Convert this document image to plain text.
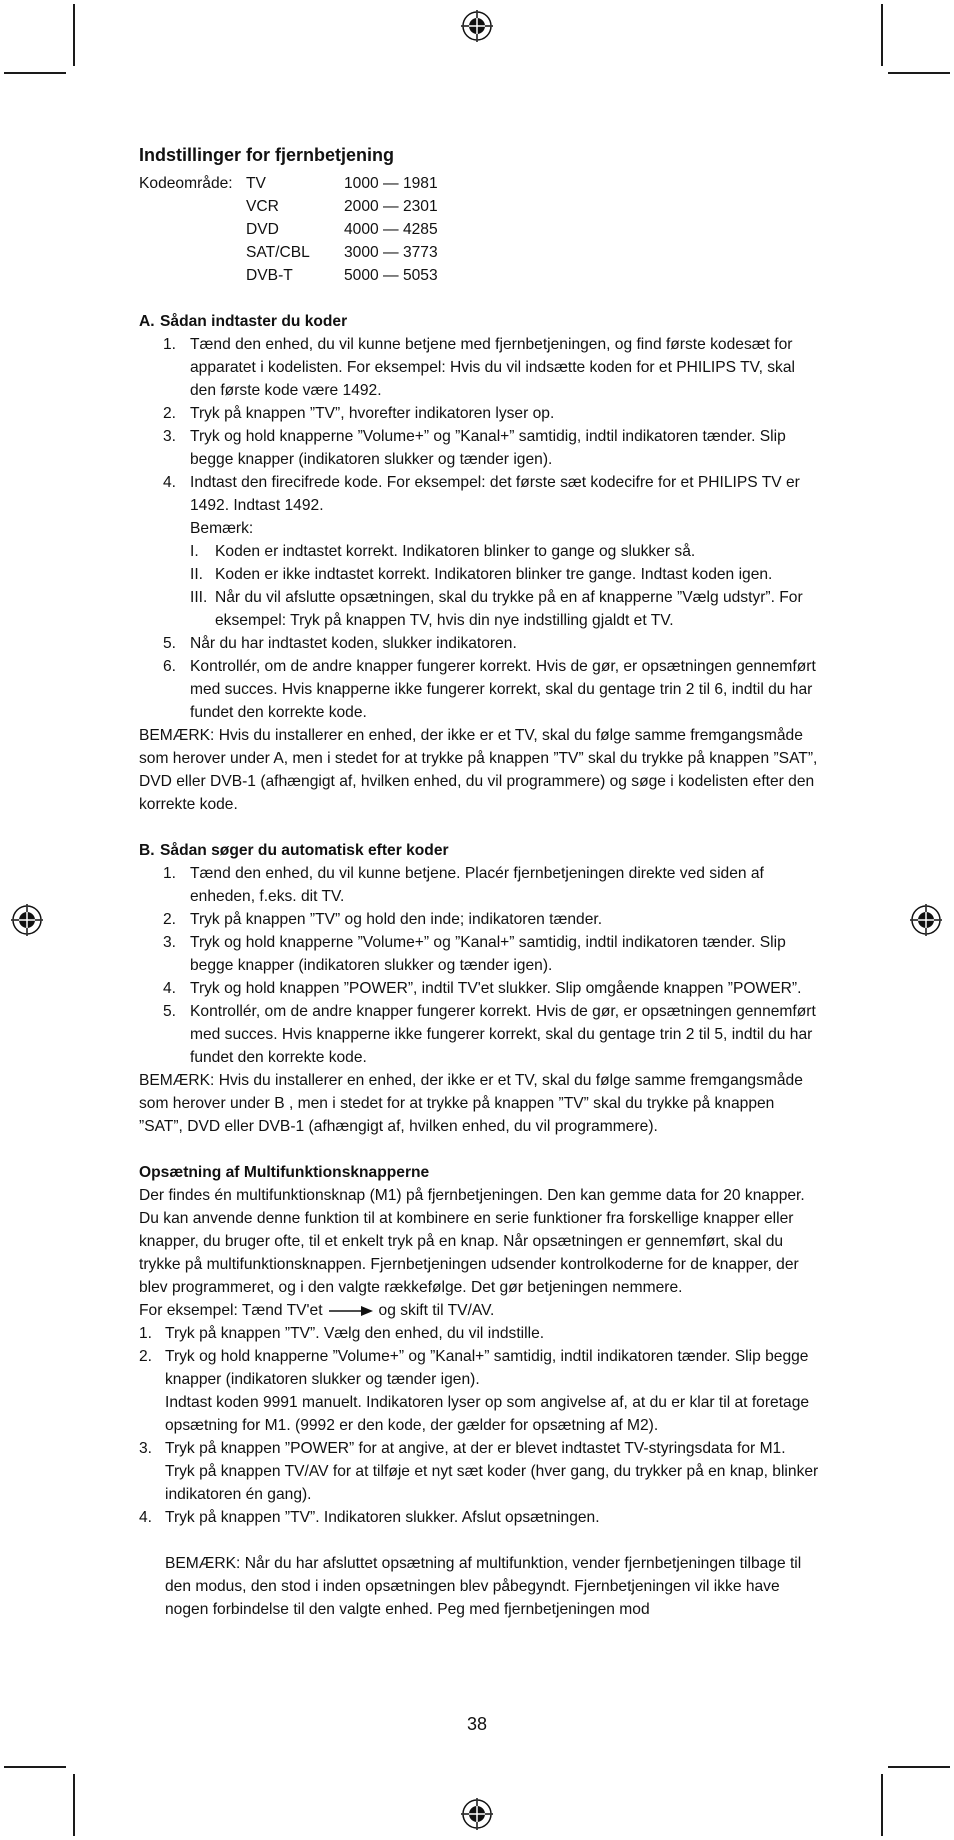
Indstillinger for fjernbetjening
Kodeområde: TV	1000 — 1981
VCR	2000 — 2301
DVD	4000 — 4285
SAT/CBL	3000 — 3773
DVB-T	5000 — 5053
A. Sådan indtaster du koder
1. Tænd den enhed, du vil kunne betjene med fjernbetjeningen, og find første kodesæt for apparatet i kodelisten. For eksempel: Hvis du vil indsætte koden for et PHILIPS TV, skal den første kode være 1492.
2. Tryk på knappen ”TV”, hvorefter indikatoren lyser op.
3. Tryk og hold knapperne ”Volume+” og ”Kanal+” samtidig, indtil indikatoren tænder. Slip begge knapper (indikatoren slukker og tænder igen).
4. Indtast den firecifrede kode. For eksempel: det første sæt kodecifre for et PHILIPS TV er 1492. Indtast 1492.
Bemærk:
I. Koden er indtastet korrekt. Indikatoren blinker to gange og slukker så.
II. Koden er ikke indtastet korrekt. Indikatoren blinker tre gange. Indtast koden igen.
III. Når du vil afslutte opsætningen, skal du trykke på en af knapperne ”Vælg udstyr”. For eksempel: Tryk på knappen TV, hvis din nye indstilling gjaldt et TV.
5. Når du har indtastet koden, slukker indikatoren.
6. Kontrollér, om de andre knapper fungerer korrekt. Hvis de gør, er opsætningen gennemført med succes. Hvis knapperne ikke fungerer korrekt, skal du gentage trin 2 til 6, indtil du har fundet den korrekte kode.
BEMÆRK: Hvis du installerer en enhed, der ikke er et TV, skal du følge samme fremgangsmåde som herover under A, men i stedet for at trykke på knappen ”TV” skal du trykke på knappen ”SAT”, DVD eller DVB-1 (afhængigt af, hvilken enhed, du vil programmere) og søge i kodelisten efter den korrekte kode.
B. Sådan søger du automatisk efter koder
1. Tænd den enhed, du vil kunne betjene. Placér fjernbetjeningen direkte ved siden af enheden, f.eks. dit TV.
2. Tryk på knappen ”TV” og hold den inde; indikatoren tænder.
3. Tryk og hold knapperne ”Volume+” og ”Kanal+” samtidig, indtil indikatoren tænder. Slip begge knapper (indikatoren slukker og tænder igen).
4. Tryk og hold knappen ”POWER”, indtil TV'et slukker. Slip omgående knappen ”POWER”.
5. Kontrollér, om de andre knapper fungerer korrekt. Hvis de gør, er opsætningen gennemført med succes. Hvis knapperne ikke fungerer korrekt, skal du gentage trin 2 til 5, indtil du har fundet den korrekte kode.
BEMÆRK: Hvis du installerer en enhed, der ikke er et TV, skal du følge samme fremgangsmåde som herover under B , men i stedet for at trykke på knappen ”TV” skal du trykke på knappen ”SAT”, DVD eller DVB-1 (afhængigt af, hvilken enhed, du vil programmere).
Opsætning af Multifunktionsknapperne
Der findes én multifunktionsknap (M1) på fjernbetjeningen. Den kan gemme data for 20 knapper. Du kan anvende denne funktion til at kombinere en serie funktioner fra forskellige knapper eller knapper, du bruger ofte, til et enkelt tryk på en knap. Når opsætningen er gennemført, skal du trykke på multifunktionsknappen. Fjernbetjeningen udsender kontrolkoderne for de knapper, der blev programmeret, og i den valgte rækkefølge. Det gør betjeningen nemmere.
For eksempel: Tænd TV'et	og skift til TV/AV.
1. Tryk på knappen ”TV”. Vælg den enhed, du vil indstille.
2. Tryk og hold knapperne ”Volume+” og ”Kanal+” samtidig, indtil indikatoren tænder. Slip begge knapper (indikatoren slukker og tænder igen).
Indtast koden 9991 manuelt. Indikatoren lyser op som angivelse af, at du er klar til at foretage opsætning for M1. (9992 er den kode, der gælder for opsætning af M2).
3. Tryk på knappen ”POWER” for at angive, at der er blevet indtastet TV-styringsdata for M1. Tryk på knappen TV/AV for at tilføje et nyt sæt koder (hver gang, du trykker på en knap, blinker indikatoren én gang).
4. Tryk på knappen ”TV”. Indikatoren slukker. Afslut opsætningen.
BEMÆRK: Når du har afsluttet opsætning af multifunktion, vender fjernbetjeningen tilbage til den modus, den stod i inden opsætningen blev påbegyndt. Fjernbetjeningen vil ikke have nogen forbindelse til den valgte enhed. Peg med fjernbetjeningen mod
38
